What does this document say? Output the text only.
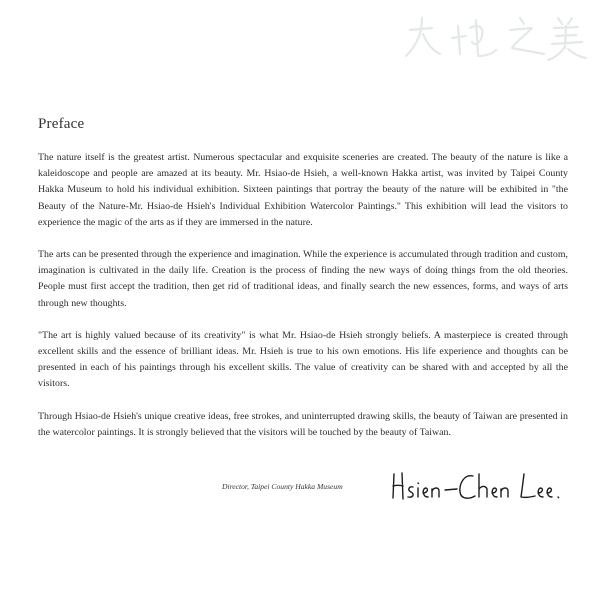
Preface

The nature itself is the greatest artist. Numerous spectacular and exquisite sceneries are created. The beauty of the nature is like a kaleidoscope and people are amazed at its beauty. Mr. Hsiao-de Hsieh, a well-known Hakka artist, was invited by Taipei County Hakka Museum to hold his individual exhibition. Sixteen paintings that portray the beauty of the nature will be exhibited in "the Beauty of the Nature-Mr. Hsiao-de Hsieh's Individual Exhibition Watercolor Paintings." This exhibition will lead the visitors to experience the magic of the arts as if they are immersed in the nature.

The arts can be presented through the experience and imagination. While the experience is accumulated through tradition and custom, imagination is cultivated in the daily life. Creation is the process of finding the new ways of doing things from the old theories. People must first accept the tradition, then get rid of traditional ideas, and finally search the new essences, forms, and ways of arts through new thoughts.

"The art is highly valued because of its creativity" is what Mr. Hsiao-de Hsieh strongly beliefs. A masterpiece is created through excellent skills and the essence of brilliant ideas. Mr. Hsieh is true to his own emotions. His life experience and thoughts can be presented in each of his paintings through his excellent skills. The value of creativity can be shared with and accepted by all the visitors.

Through Hsiao-de Hsieh's unique creative ideas, free strokes, and uninterrupted drawing skills, the beauty of Taiwan are presented in the watercolor paintings. It is strongly believed that the visitors will be touched by the beauty of Taiwan.

Director, Taipei County Hakka Museum
